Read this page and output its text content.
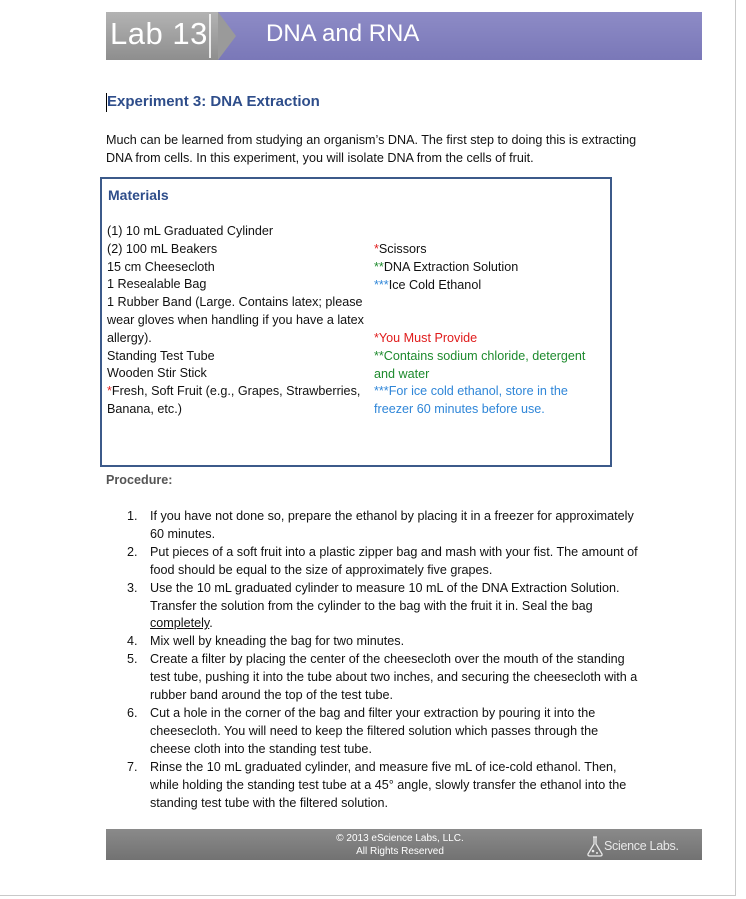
Lab 13 DNA and RNA
Experiment 3: DNA Extraction
Much can be learned from studying an organism’s DNA. The first step to doing this is extracting DNA from cells. In this experiment, you will isolate DNA from the cells of fruit.
Materials
(1) 10 mL Graduated Cylinder
(2) 100 mL Beakers
15 cm Cheesecloth
1 Resealable Bag
1 Rubber Band (Large. Contains latex; please wear gloves when handling if you have a latex allergy).
Standing Test Tube
Wooden Stir Stick
*Fresh, Soft Fruit (e.g., Grapes, Strawberries, Banana, etc.)
*Scissors
**DNA Extraction Solution
***Ice Cold Ethanol
*You Must Provide
**Contains sodium chloride, detergent and water
***For ice cold ethanol, store in the freezer 60 minutes before use.
Procedure:
1. If you have not done so, prepare the ethanol by placing it in a freezer for approximately 60 minutes.
2. Put pieces of a soft fruit into a plastic zipper bag and mash with your fist. The amount of food should be equal to the size of approximately five grapes.
3. Use the 10 mL graduated cylinder to measure 10 mL of the DNA Extraction Solution. Transfer the solution from the cylinder to the bag with the fruit it in. Seal the bag completely.
4. Mix well by kneading the bag for two minutes.
5. Create a filter by placing the center of the cheesecloth over the mouth of the standing test tube, pushing it into the tube about two inches, and securing the cheesecloth with a rubber band around the top of the test tube.
6. Cut a hole in the corner of the bag and filter your extraction by pouring it into the cheesecloth. You will need to keep the filtered solution which passes through the cheese cloth into the standing test tube.
7. Rinse the 10 mL graduated cylinder, and measure five mL of ice-cold ethanol. Then, while holding the standing test tube at a 45° angle, slowly transfer the ethanol into the standing test tube with the filtered solution.
© 2013 eScience Labs, LLC.
All Rights Reserved	Science Labs.
